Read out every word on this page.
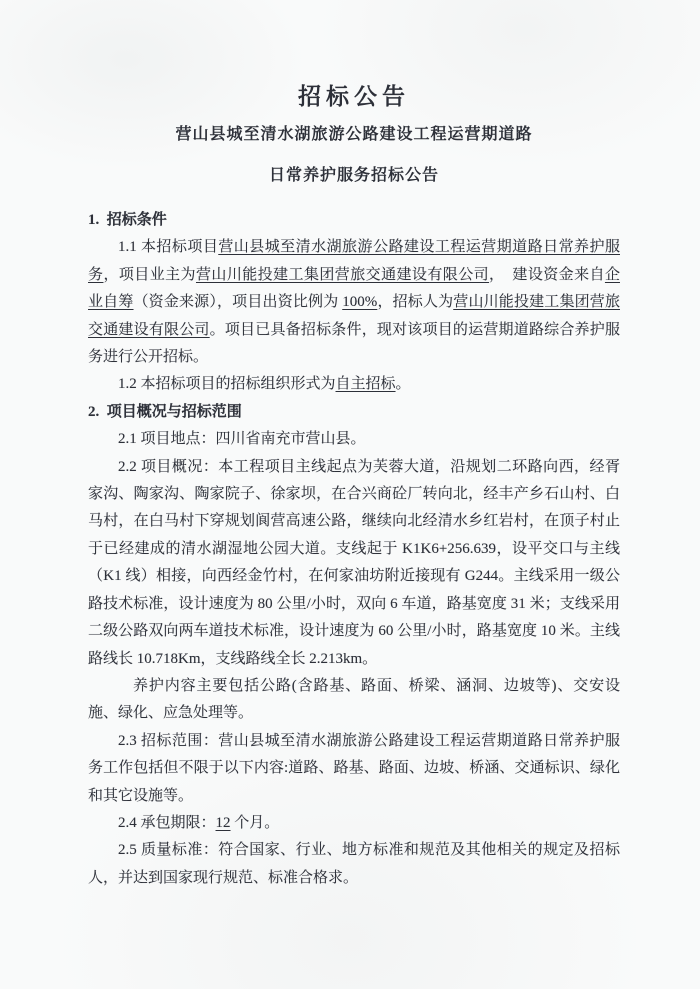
招标公告
营山县城至清水湖旅游公路建设工程运营期道路
日常养护服务招标公告

1.  招标条件

1.1 本招标项目营山县城至清水湖旅游公路建设工程运营期道路日常养护服务，项目业主为营山川能投建工集团营旅交通建设有限公司，　建设资金来自企业自筹（资金来源），项目出资比例为 100%，招标人为营山川能投建工集团营旅交通建设有限公司。项目已具备招标条件，现对该项目的运营期道路综合养护服务进行公开招标。

1.2 本招标项目的招标组织形式为自主招标。

2.  项目概况与招标范围

2.1 项目地点：四川省南充市营山县。

2.2 项目概况：本工程项目主线起点为芙蓉大道，沿规划二环路向西，经胥家沟、陶家沟、陶家院子、徐家坝，在合兴商砼厂转向北，经丰产乡石山村、白马村，在白马村下穿规划阆营高速公路，继续向北经清水乡红岩村，在顶子村止于已经建成的清水湖湿地公园大道。支线起于 K1K6+256.639，设平交口与主线（K1 线）相接，向西经金竹村，在何家油坊附近接现有 G244。主线采用一级公路技术标准，设计速度为 80 公里/小时，双向 6 车道，路基宽度 31 米；支线采用二级公路双向两车道技术标准，设计速度为 60 公里/小时，路基宽度 10 米。主线路线长 10.718Km，支线路线全长 2.213km。

养护内容主要包括公路(含路基、路面、桥梁、涵洞、边坡等)、交安设施、绿化、应急处理等。

2.3 招标范围：营山县城至清水湖旅游公路建设工程运营期道路日常养护服务工作包括但不限于以下内容:道路、路基、路面、边坡、桥涵、交通标识、绿化和其它设施等。

2.4 承包期限：12 个月。

2.5 质量标准：符合国家、行业、地方标准和规范及其他相关的规定及招标人，并达到国家现行规范、标准合格求。
